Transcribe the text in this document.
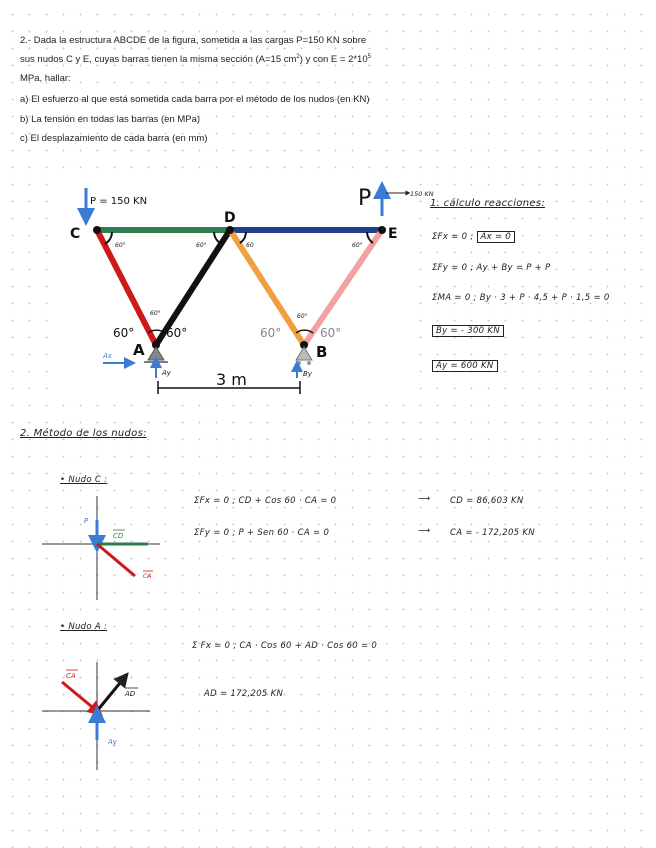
2.- Dada la estructura ABCDE de la figura, sometida a las cargas P=150 KN sobre

sus nudos C y E, cuyas barras tienen la misma sección (A=15 $cm^2$) y con $E = 2*10^5$

MPa, hallar:

a) El esfuerzo al que está sometida cada barra por el método de los nudos (en KN)

b) La tensión en todas las barras (en MPa)

c) El desplazamiento de cada barra (en mm)

P = 150 KN	P	150 KN
C
D
E
A	B
60°	60°	60	60°
60°	60°
60°	60°	60°	60°
Ax
Ay	By
3 m
P
CD
CA
CA
AD
Ay

1. cálculo reacciones:

ΣFx = 0 ; Ax = 0

ΣFy = 0 ; Ay + By = P + P

ΣMA = 0 ; By · 3 + P · 4,5 + P · 1,5 = 0

By = - 300 KN

Ay = 600 KN

2. Método de los nudos:

• Nudo C :

ΣFx = 0 ; CD + Cos 60 · CA = 0	⟶ CD = 86,603 KN

ΣFy = 0 ; P + Sen 60 · CA = 0	⟶ CA = - 172,205 KN

• Nudo A :

Σ Fx = 0 ; CA · Cos 60 + AD · Cos 60 = 0

AD = 172,205 KN
